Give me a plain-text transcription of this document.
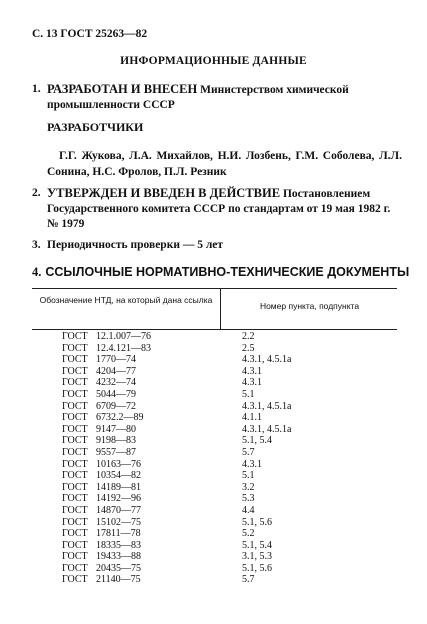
С. 13 ГОСТ 25263—82
ИНФОРМАЦИОННЫЕ ДАННЫЕ
1. РАЗРАБОТАН И ВНЕСЕН Министерством химической промышленности СССР
РАЗРАБОТЧИКИ
Г.Г. Жукова, Л.А. Михайлов, Н.И. Лозбень, Г.М. Соболева, Л.Л. Сонина, Н.С. Фролов, П.Л. Резник
2. УТВЕРЖДЕН И ВВЕДЕН В ДЕЙСТВИЕ Постановлением Государственного комитета СССР по стандартам от 19 мая 1982 г. № 1979
3. Периодичность проверки — 5 лет
4. ССЫЛОЧНЫЕ НОРМАТИВНО-ТЕХНИЧЕСКИЕ ДОКУМЕНТЫ
Обозначение НТД, на который дана ссылка
Номер пункта, подпункта
ГОСТ 12.1.007—76	2.2
ГОСТ 12.4.121—83	2.5
ГОСТ 1770—74	4.3.1, 4.5.1а
ГОСТ 4204—77	4.3.1
ГОСТ 4232—74	4.3.1
ГОСТ 5044—79	5.1
ГОСТ 6709—72	4.3.1, 4.5.1а
ГОСТ 6732.2—89	4.1.1
ГОСТ 9147—80	4.3.1, 4.5.1а
ГОСТ 9198—83	5.1, 5.4
ГОСТ 9557—87	5.7
ГОСТ 10163—76	4.3.1
ГОСТ 10354—82	5.1
ГОСТ 14189—81	3.2
ГОСТ 14192—96	5.3
ГОСТ 14870—77	4.4
ГОСТ 15102—75	5.1, 5.6
ГОСТ 17811—78	5.2
ГОСТ 18335—83	5.1, 5.4
ГОСТ 19433—88	3.1, 5.3
ГОСТ 20435—75	5.1, 5.6
ГОСТ 21140—75	5.7
